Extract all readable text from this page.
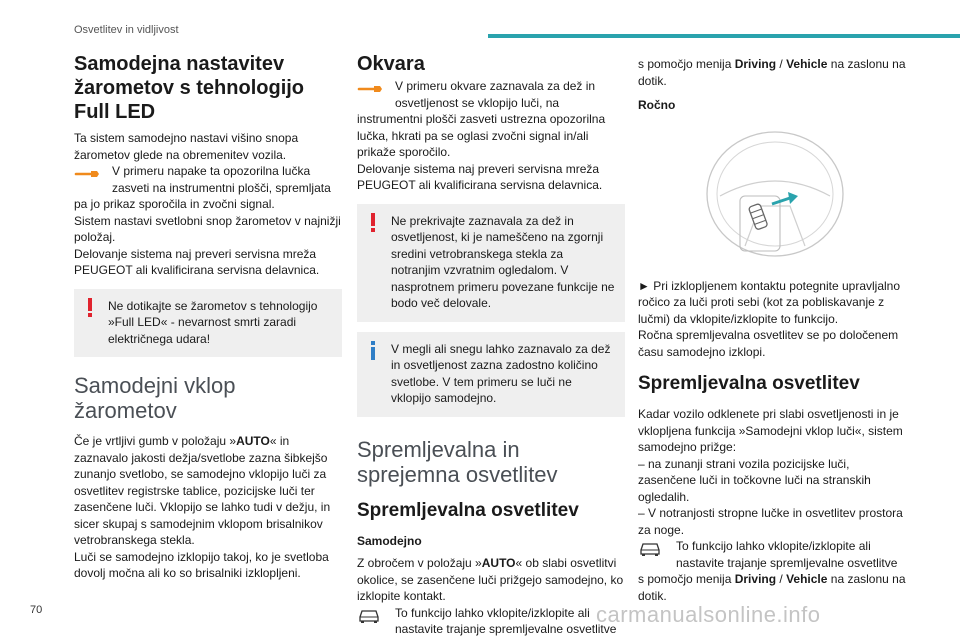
Osvetlitev in vidljivost
Samodejna nastavitev žarometov s tehnologijo Full LED

Ta sistem samodejno nastavi višino snopa žarometov glede na obremenitev vozila.

V primeru napake ta opozorilna lučka
zasveti na instrumentni plošči, spremljata

pa jo prikaz sporočila in zvočni signal.

Sistem nastavi svetlobni snop žarometov v najnižji položaj.

Delovanje sistema naj preveri servisna mreža PEUGEOT ali kvalificirana servisna delavnica.

Ne dotikajte se žarometov s tehnologijo
»Full LED« - nevarnost smrti zaradi električnega udara!
Samodejni vklop žarometov

Če je vrtljivi gumb v položaju »AUTO« in zaznavalo jakosti dežja/svetlobe zazna šibkejšo zunanjo svetlobo, se samodejno vklopijo luči za osvetlitev registrske tablice, pozicijske luči ter zasenčene luči. Vklopijo se lahko tudi v dežju, in sicer skupaj s samodejnim vklopom brisalnikov vetrobranskega stekla.

Luči se samodejno izklopijo takoj, ko je svetloba dovolj močna ali ko so brisalniki izklopljeni.

Okvara
V primeru okvare zaznavala za dež in
osvetljenost se vklopijo luči, na

instrumentni plošči zasveti ustrezna opozorilna lučka, hkrati pa se oglasi zvočni signal in/ali prikaže sporočilo.

Delovanje sistema naj preveri servisna mreža PEUGEOT ali kvalificirana servisna delavnica.

Ne prekrivajte zaznavala za dež in
osvetljenost, ki je nameščeno na zgornji sredini vetrobranskega stekla za notranjim vzvratnim ogledalom. V nasprotnem primeru povezane funkcije ne bodo več delovale.
V megli ali snegu lahko zaznavalo za dež
in osvetljenost zazna zadostno količino svetlobe. V tem primeru se luči ne vklopijo samodejno.
Spremljevalna in sprejemna osvetlitev
Spremljevalna osvetlitev
Samodejno

Z obročem v položaju »AUTO« ob slabi osvetlitvi okolice, se zasenčene luči prižgejo samodejno, ko izklopite kontakt.

To funkcijo lahko vklopite/izklopite ali
nastavite trajanje spremljevalne osvetlitve

s pomočjo menija Driving / Vehicle na zaslonu na dotik.

Ročno

► Pri izklopljenem kontaktu potegnite upravljalno ročico za luči proti sebi (kot za pobliskavanje z lučmi) da vklopite/izklopite to funkcijo.

Ročna spremljevalna osvetlitev se po določenem času samodejno izklopi.

Spremljevalna osvetlitev

Kadar vozilo odklenete pri slabi osvetljenosti in je vklopljena funkcija »Samodejni vklop luči«, sistem samodejno prižge:

– na zunanji strani vozila pozicijske luči, zasenčene luči in točkovne luči na stranskih ogledalih.

– V notranjosti stropne lučke in osvetlitev prostora za noge.

To funkcijo lahko vklopite/izklopite ali
nastavite trajanje spremljevalne osvetlitve

s pomočjo menija Driving / Vehicle na zaslonu na dotik.

70	carmanualsonline.info
